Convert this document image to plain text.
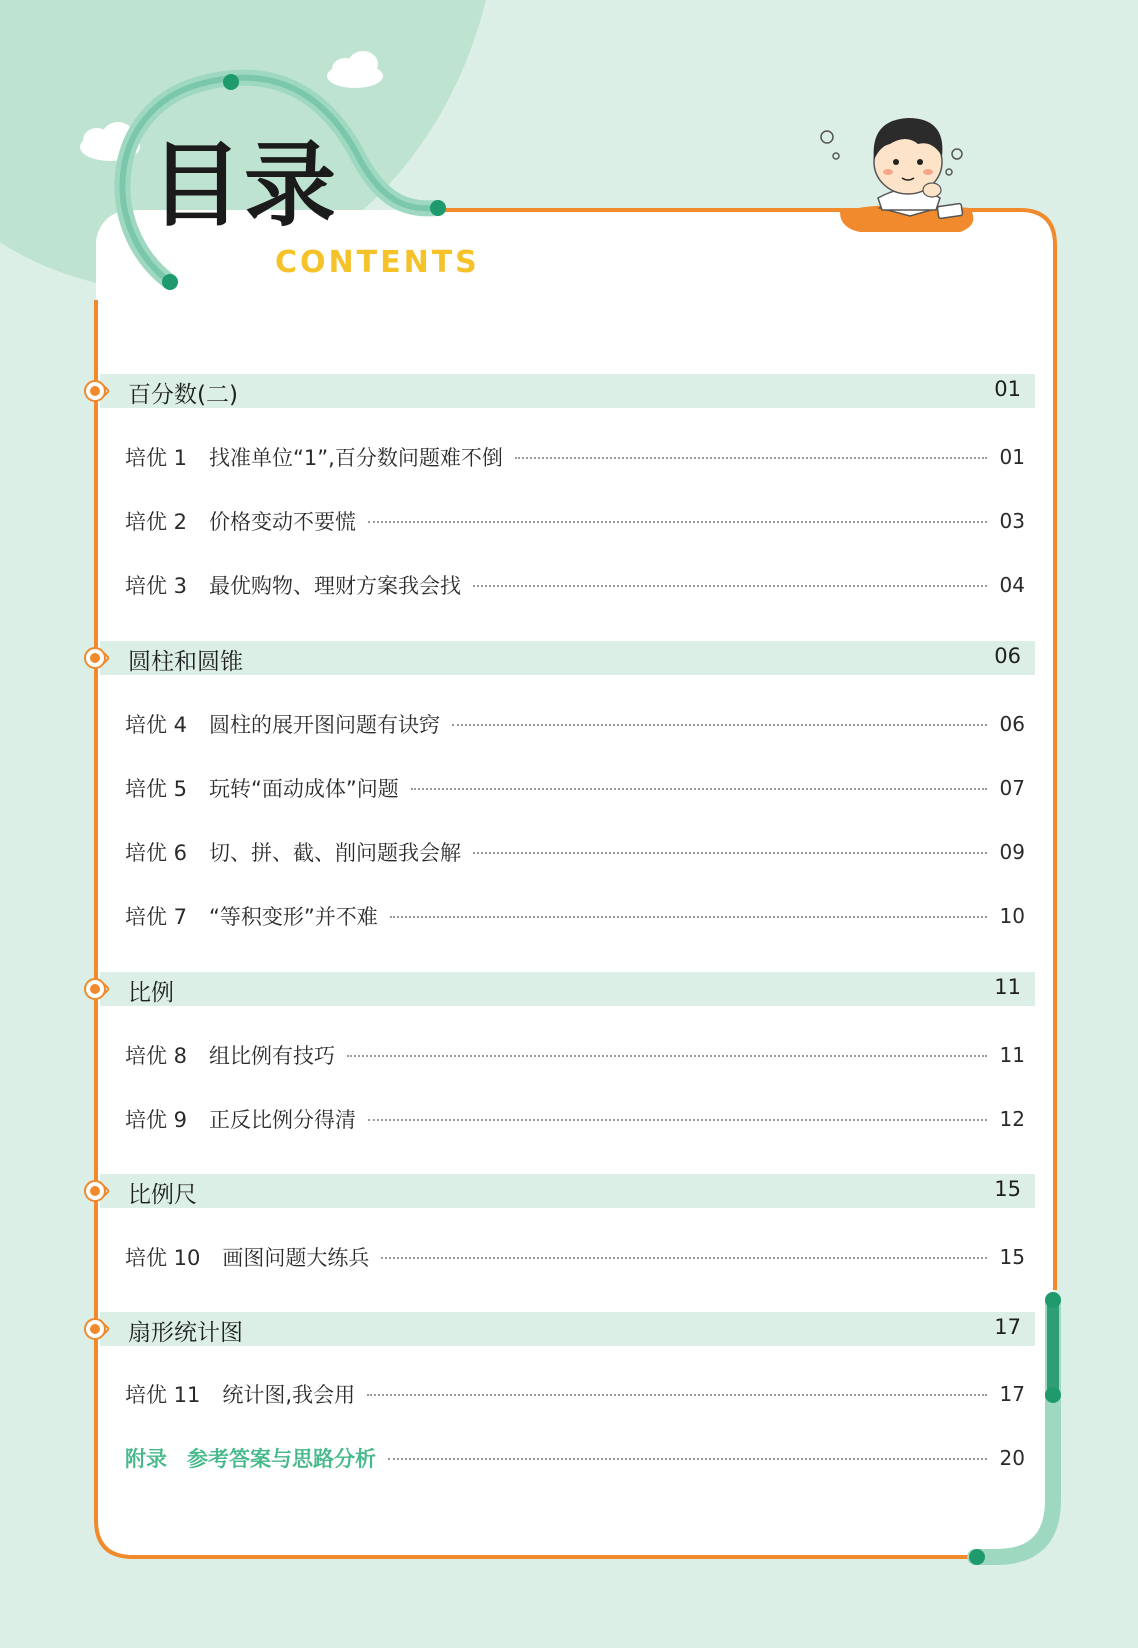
目录
CONTENTS
百分数(二)	01
培优 1 找准单位“1”,百分数问题难不倒	01
培优 2 价格变动不要慌	03
培优 3 最优购物、理财方案我会找	04
圆柱和圆锥	06
培优 4 圆柱的展开图问题有诀窍	06
培优 5 玩转“面动成体”问题	07
培优 6 切、拼、截、削问题我会解	09
培优 7 “等积变形”并不难	10
比例	11
培优 8 组比例有技巧	11
培优 9 正反比例分得清	12
比例尺	15
培优 10 画图问题大练兵	15
扇形统计图	17
培优 11 统计图,我会用	17
附录 参考答案与思路分析	20
